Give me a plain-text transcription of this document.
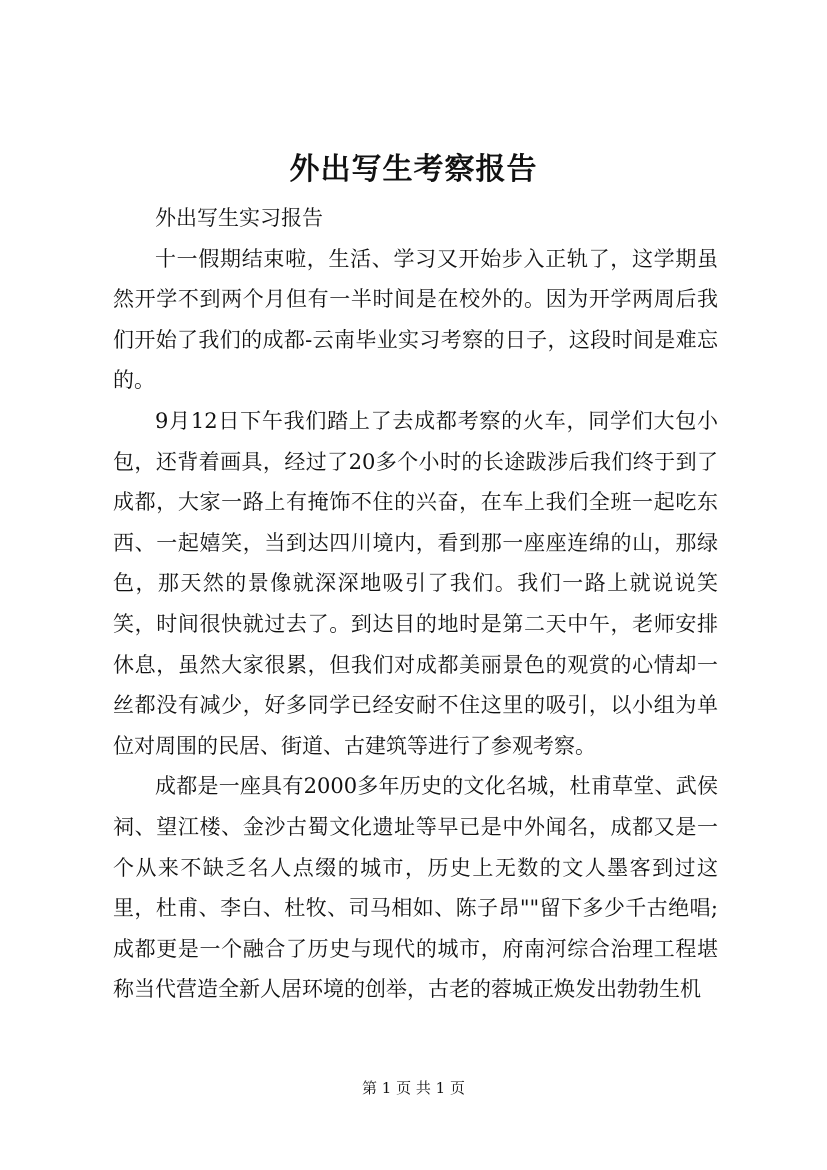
外出写生考察报告

外出写生实习报告

十一假期结束啦，生活、学习又开始步入正轨了，这学期虽然开学不到两个月但有一半时间是在校外的。因为开学两周后我们开始了我们的成都-云南毕业实习考察的日子，这段时间是难忘的。

9月12日下午我们踏上了去成都考察的火车，同学们大包小包，还背着画具，经过了20多个小时的长途跋涉后我们终于到了成都，大家一路上有掩饰不住的兴奋，在车上我们全班一起吃东西、一起嬉笑，当到达四川境内，看到那一座座连绵的山，那绿色，那天然的景像就深深地吸引了我们。我们一路上就说说笑笑，时间很快就过去了。到达目的地时是第二天中午，老师安排休息，虽然大家很累，但我们对成都美丽景色的观赏的心情却一丝都没有减少，好多同学已经安耐不住这里的吸引，以小组为单位对周围的民居、街道、古建筑等进行了参观考察。

成都是一座具有2000多年历史的文化名城，杜甫草堂、武侯祠、望江楼、金沙古蜀文化遗址等早已是中外闻名，成都又是一个从来不缺乏名人点缀的城市，历史上无数的文人墨客到过这里，杜甫、李白、杜牧、司马相如、陈子昂""留下多少千古绝唱;成都更是一个融合了历史与现代的城市，府南河综合治理工程堪称当代营造全新人居环境的创举，古老的蓉城正焕发出勃勃生机

第 1 页 共 1 页
